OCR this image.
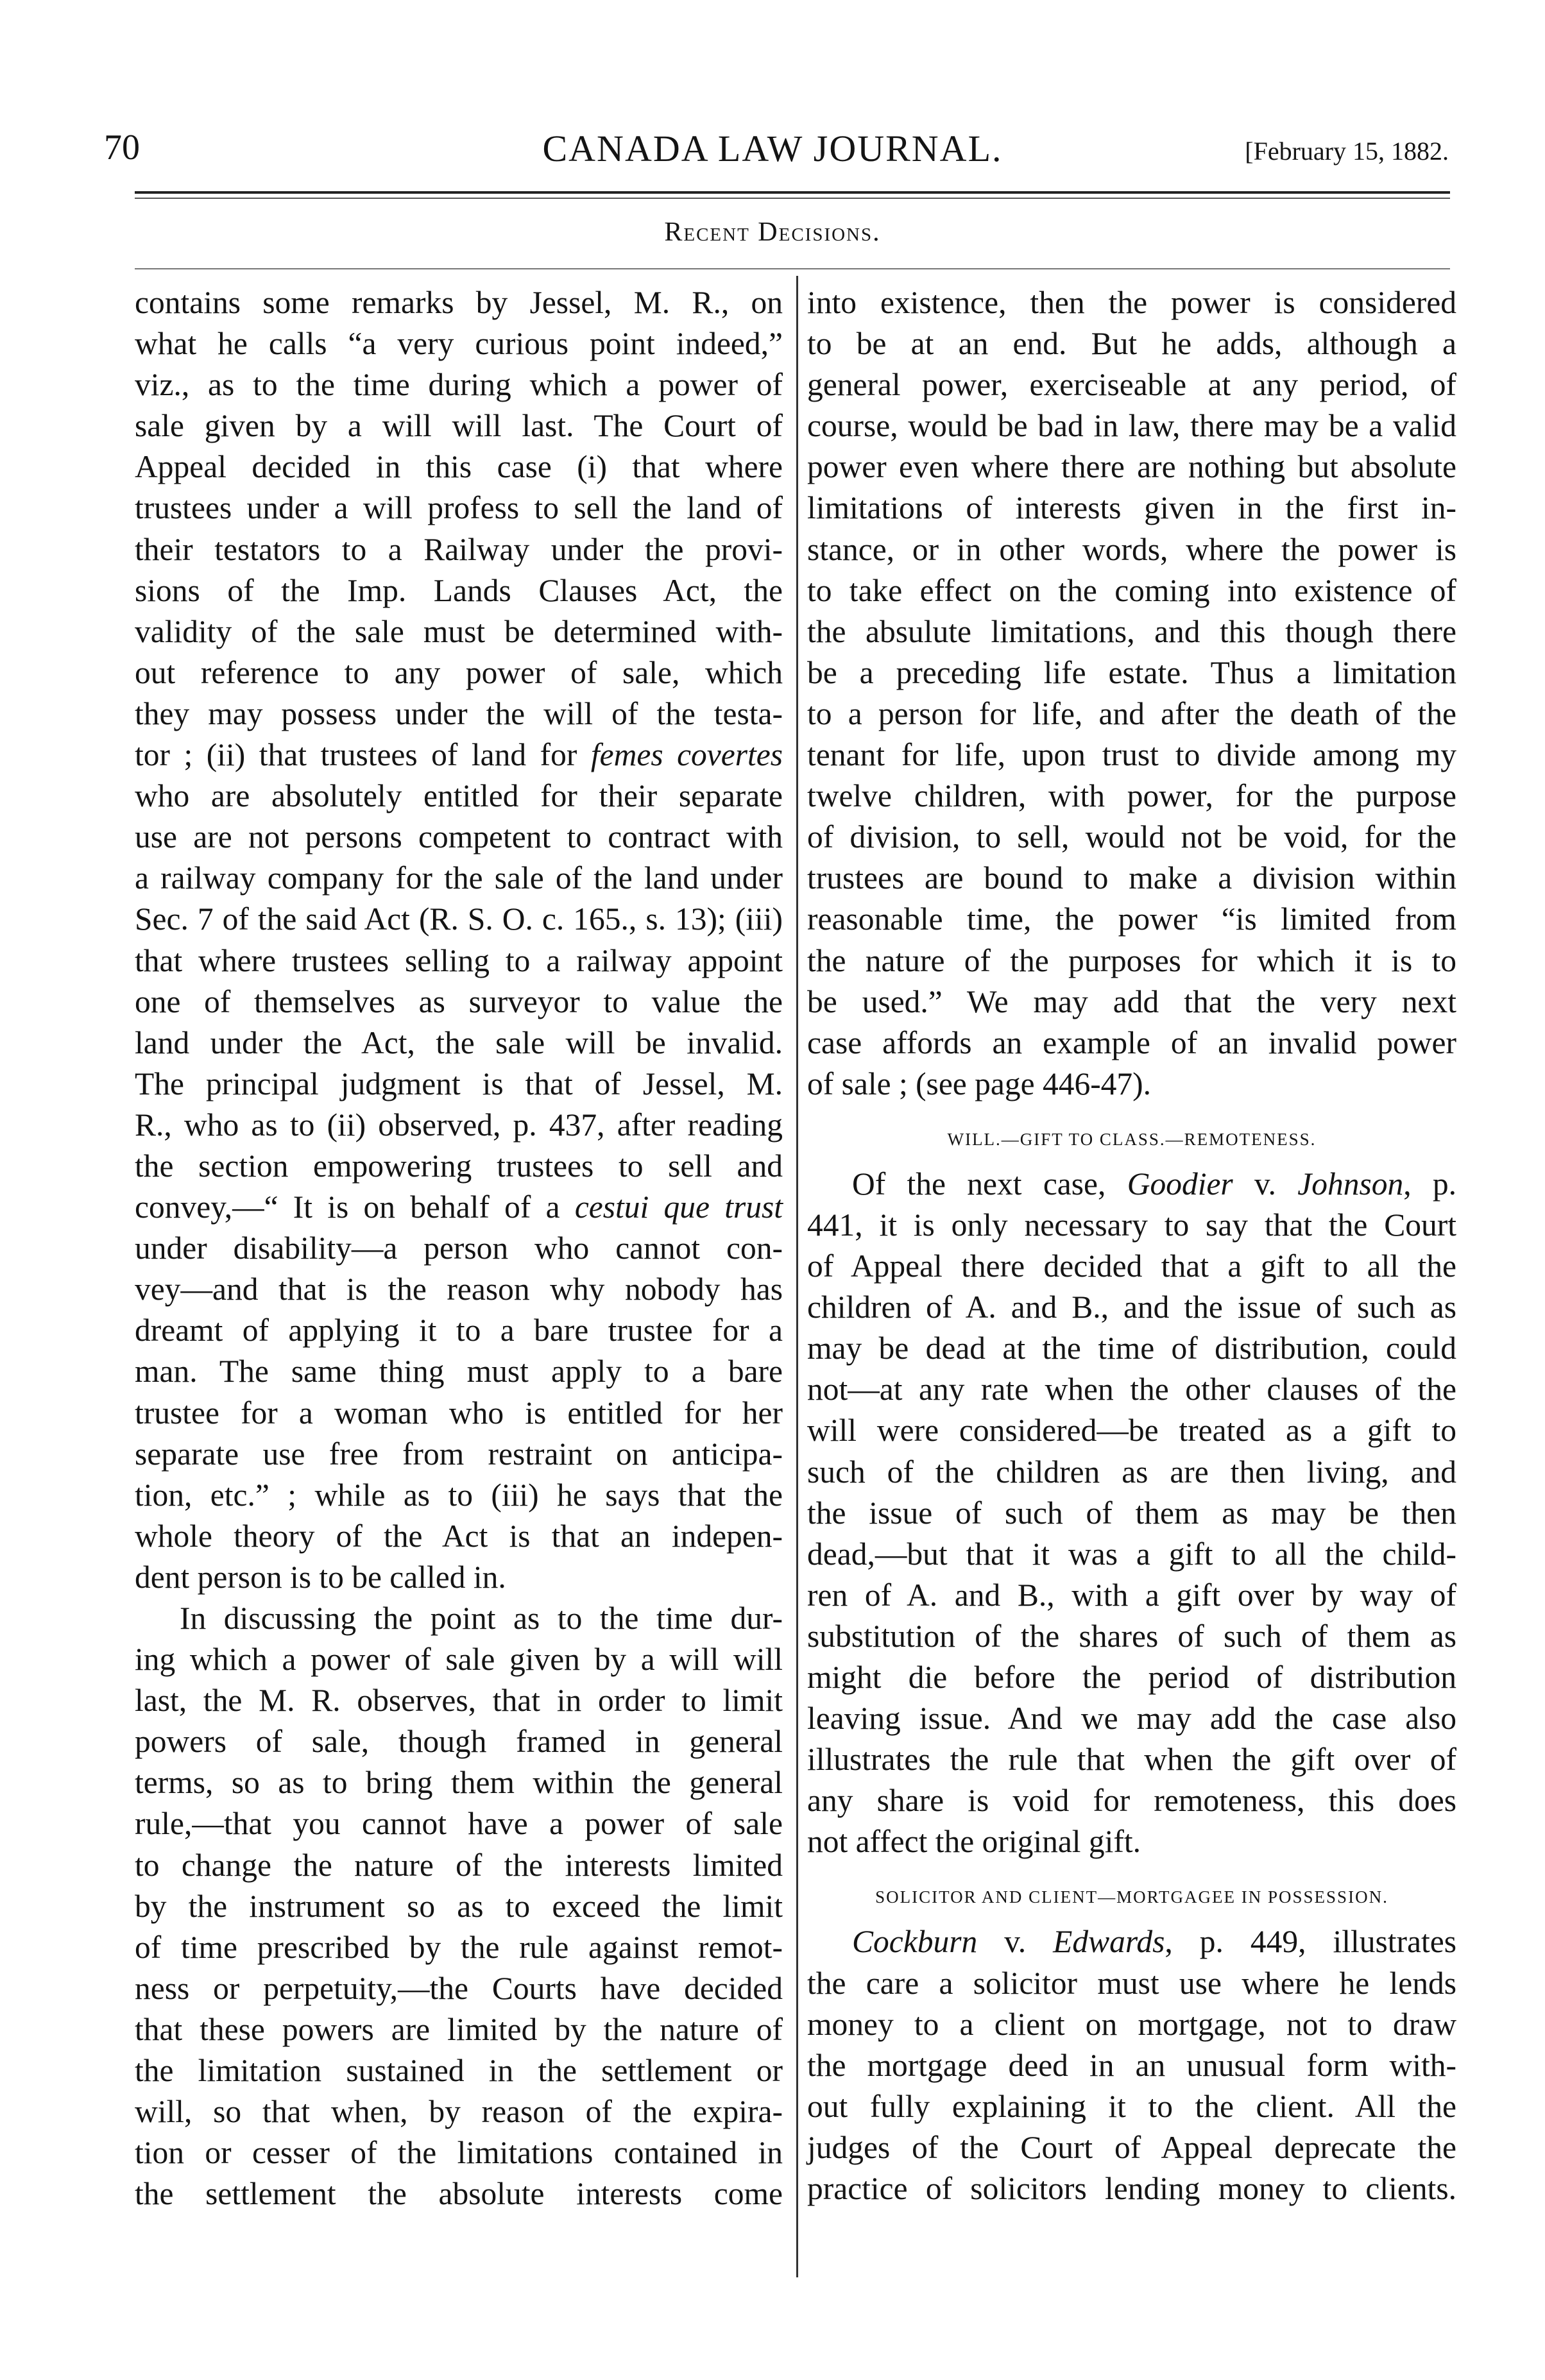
70	CANADA LAW JOURNAL.	[February 15, 1882.
Recent Decisions.
contains some remarks by Jessel, M. R., on
what he calls “a very curious point indeed,”
viz., as to the time during which a power of
sale given by a will will last. The Court of
Appeal decided in this case (i) that where
trustees under a will profess to sell the land of
their testators to a Railway under the provi-
sions of the Imp. Lands Clauses Act, the
validity of the sale must be determined with-
out reference to any power of sale, which
they may possess under the will of the testa-
tor ; (ii) that trustees of land for femes covertes
who are absolutely entitled for their separate
use are not persons competent to contract with
a railway company for the sale of the land under
Sec. 7 of the said Act (R. S. O. c. 165., s. 13); (iii)
that where trustees selling to a railway appoint
one of themselves as surveyor to value the
land under the Act, the sale will be invalid.
The principal judgment is that of Jessel, M.
R., who as to (ii) observed, p. 437, after reading
the section empowering trustees to sell and
convey,—“ It is on behalf of a cestui que trust
under disability—a person who cannot con-
vey—and that is the reason why nobody has
dreamt of applying it to a bare trustee for a
man. The same thing must apply to a bare
trustee for a woman who is entitled for her
separate use free from restraint on anticipa-
tion, etc.” ; while as to (iii) he says that the
whole theory of the Act is that an indepen-
dent person is to be called in.
In discussing the point as to the time dur-
ing which a power of sale given by a will will
last, the M. R. observes, that in order to limit
powers of sale, though framed in general
terms, so as to bring them within the general
rule,—that you cannot have a power of sale
to change the nature of the interests limited
by the instrument so as to exceed the limit
of time prescribed by the rule against remot-
ness or perpetuity,—the Courts have decided
that these powers are limited by the nature of
the limitation sustained in the settlement or
will, so that when, by reason of the expira-
tion or cesser of the limitations contained in
the settlement the absolute interests come
into existence, then the power is considered
to be at an end. But he adds, although a
general power, exerciseable at any period, of
course, would be bad in law, there may be a valid
power even where there are nothing but absolute
limitations of interests given in the first in-
stance, or in other words, where the power is
to take effect on the coming into existence of
the absulute limitations, and this though there
be a preceding life estate. Thus a limitation
to a person for life, and after the death of the
tenant for life, upon trust to divide among my
twelve children, with power, for the purpose
of division, to sell, would not be void, for the
trustees are bound to make a division within
reasonable time, the power “is limited from
the nature of the purposes for which it is to
be used.” We may add that the very next
case affords an example of an invalid power
of sale ; (see page 446-47).
WILL.—GIFT TO CLASS.—REMOTENESS.
Of the next case, Goodier v. Johnson, p.
441, it is only necessary to say that the Court
of Appeal there decided that a gift to all the
children of A. and B., and the issue of such as
may be dead at the time of distribution, could
not—at any rate when the other clauses of the
will were considered—be treated as a gift to
such of the children as are then living, and
the issue of such of them as may be then
dead,—but that it was a gift to all the child-
ren of A. and B., with a gift over by way of
substitution of the shares of such of them as
might die before the period of distribution
leaving issue. And we may add the case also
illustrates the rule that when the gift over of
any share is void for remoteness, this does
not affect the original gift.
SOLICITOR AND CLIENT—MORTGAGEE IN POSSESSION.
Cockburn v. Edwards, p. 449, illustrates
the care a solicitor must use where he lends
money to a client on mortgage, not to draw
the mortgage deed in an unusual form with-
out fully explaining it to the client. All the
judges of the Court of Appeal deprecate the
practice of solicitors lending money to clients.
